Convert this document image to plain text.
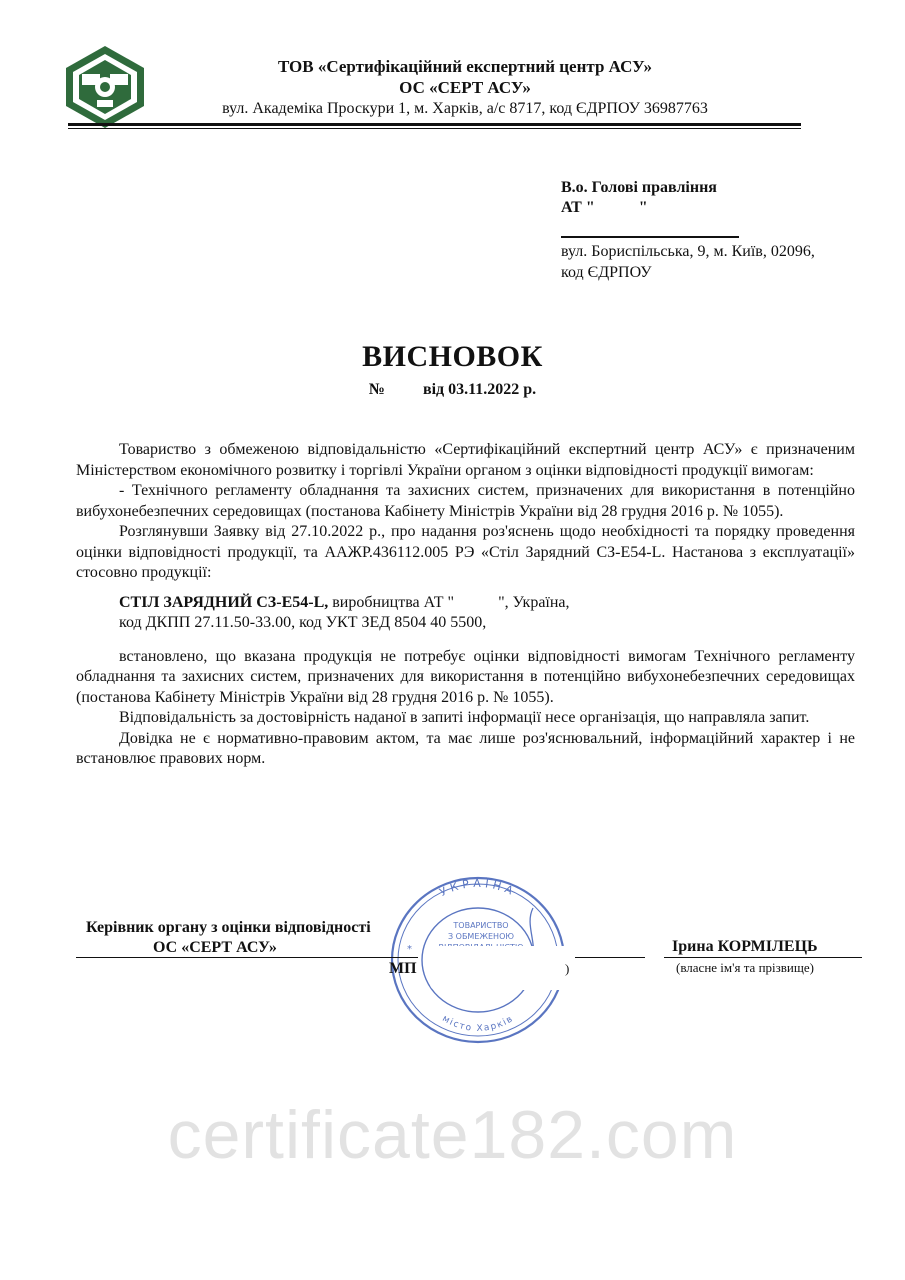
ТОВ «Сертифікаційний експертний центр АСУ»
ОС «СЕРТ АСУ»
вул. Академіка Проскури 1, м. Харків, а/с 8717, код ЄДРПОУ 36987763
В.о. Голові правління
АТ "           "
вул. Бориспільська, 9, м. Київ, 02096,
код ЄДРПОУ
ВИСНОВОК
№ від 03.11.2022 р.

Товариство з обмеженою відповідальністю «Сертифікаційний експертний центр АСУ» є призначеним Міністерством економічного розвитку і торгівлі України органом з оцінки відповідності продукції вимогам:

- Технічного регламенту обладнання та захисних систем, призначених для використання в потенційно вибухонебезпечних середовищах (постанова Кабінету Міністрів України від 28 грудня 2016 р. № 1055).

Розглянувши Заявку від 27.10.2022 р., про надання роз'яснень щодо необхідності та порядку проведення оцінки відповідності продукції, та ААЖР.436112.005 РЭ «Стіл Зарядний СЗ-Е54-L. Настанова з експлуатації» стосовно продукції:

СТІЛ ЗАРЯДНИЙ СЗ-Е54-L, виробництва АТ "           ", Україна,

код ДКПП 27.11.50-33.00, код УКТ ЗЕД 8504 40 5500,

встановлено, що вказана продукція не потребує оцінки відповідності вимогам Технічного регламенту обладнання та захисних систем, призначених для використання в потенційно вибухонебезпечних середовищах (постанова Кабінету Міністрів України від 28 грудня 2016 р. № 1055).

Відповідальність за достовірність наданої в запиті інформації несе організація, що направляла запит.

Довідка не є нормативно-правовим актом, та має лише роз'яснювальний, інформаційний характер і не встановлює правових норм.

УКРАЇНА
місто Харків
ТОВАРИСТВО
З ОБМЕЖЕНОЮ
*
Керівник органу з оцінки відповідності
ОС «СЕРТ АСУ»
МП	)
Ірина КОРМІЛЕЦЬ
(власне ім'я та прізвище)
certificate182.com
